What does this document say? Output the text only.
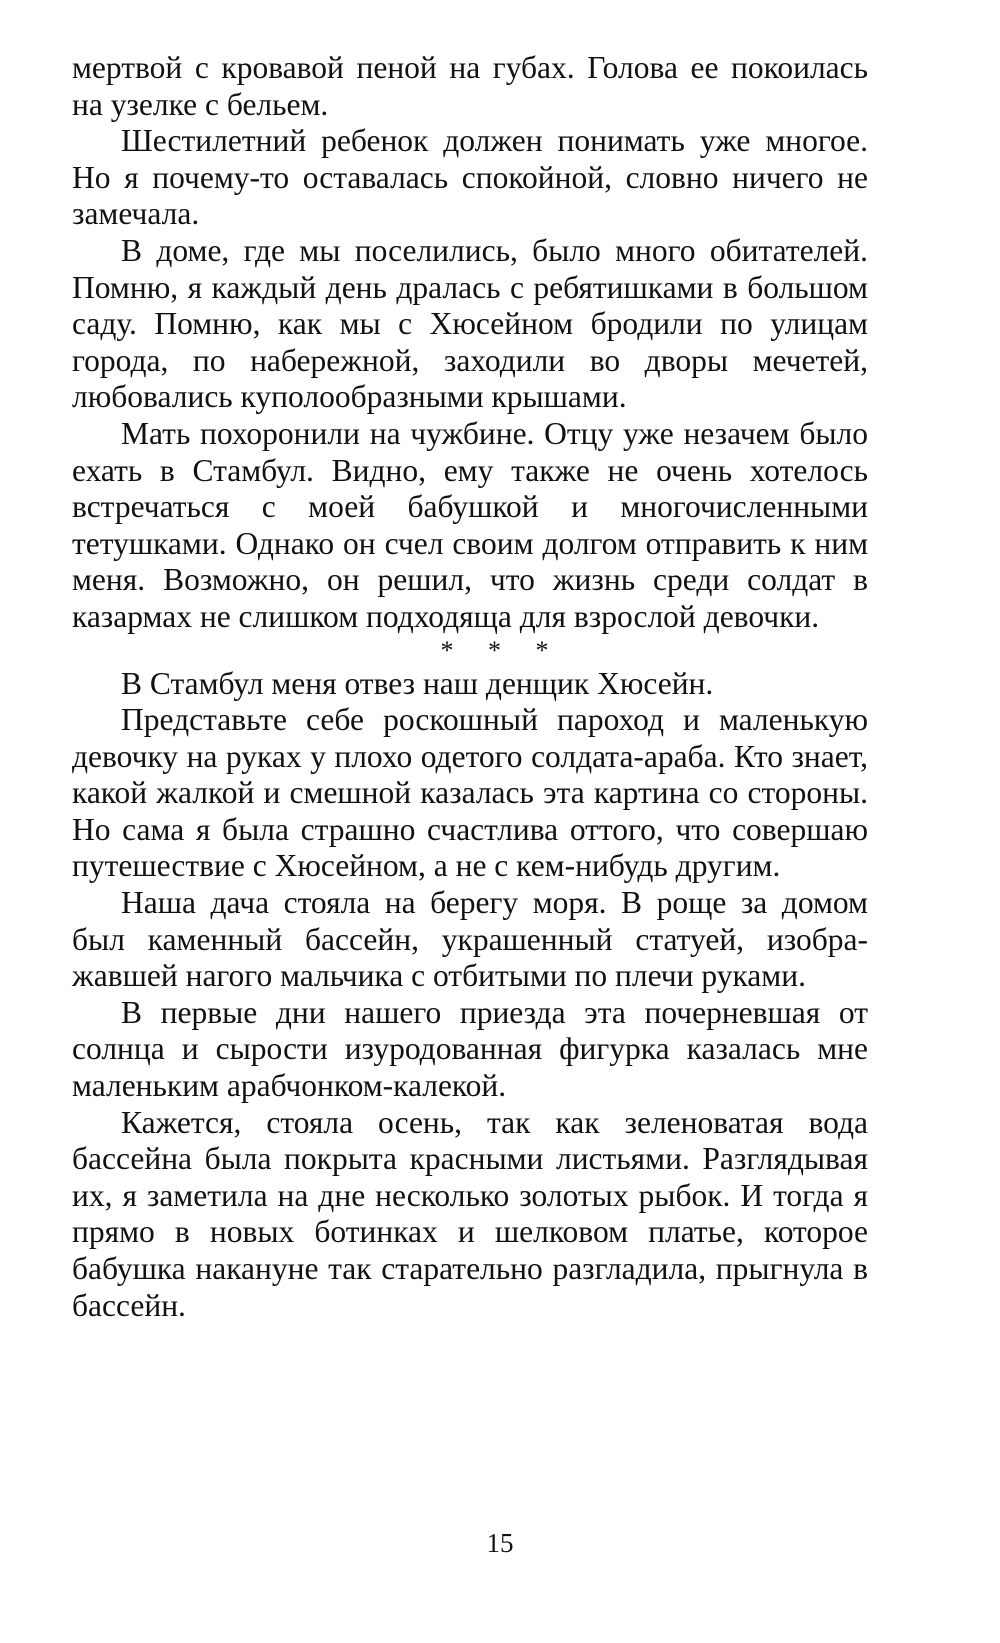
мертвой с кровавой пеной на губах. Голова ее покоилась на узелке с бельем.

Шестилетний ребенок должен понимать уже многое. Но я почему-то оставалась спокойной, словно ничего не замечала.

В доме, где мы поселились, было много обитателей. Помню, я каждый день дралась с ребятишками в большом саду. Помню, как мы с Хюсейном бродили по улицам города, по набережной, заходили во дворы мечетей, любовались куполообразными крышами.

Мать похоронили на чужбине. Отцу уже незачем было ехать в Стамбул. Видно, ему также не очень хотелось встречаться с моей бабушкой и многочисленными тетушками. Однако он счел своим долгом отправить к ним меня. Возможно, он решил, что жизнь среди солдат в казармах не слишком подходяща для взрослой девочки.

* * *

В Стамбул меня отвез наш денщик Хюсейн.

Представьте себе роскошный пароход и маленькую девочку на руках у плохо одетого солдата-араба. Кто знает, какой жалкой и смешной казалась эта картина со стороны. Но сама я была страшно счастлива оттого, что совершаю путешествие с Хюсейном, а не с кем-нибудь другим.

Наша дача стояла на берегу моря. В роще за домом был каменный бассейн, украшенный статуей, изображавшей нагого мальчика с отбитыми по плечи руками.

В первые дни нашего приезда эта почерневшая от солнца и сырости изуродованная фигурка казалась мне маленьким арабчонком-калекой.

Кажется, стояла осень, так как зеленоватая вода бассейна была покрыта красными листьями. Разглядывая их, я заметила на дне несколько золотых рыбок. И тогда я прямо в новых ботинках и шелковом платье, которое бабушка накануне так старательно разгладила, прыгнула в бассейн.

15
